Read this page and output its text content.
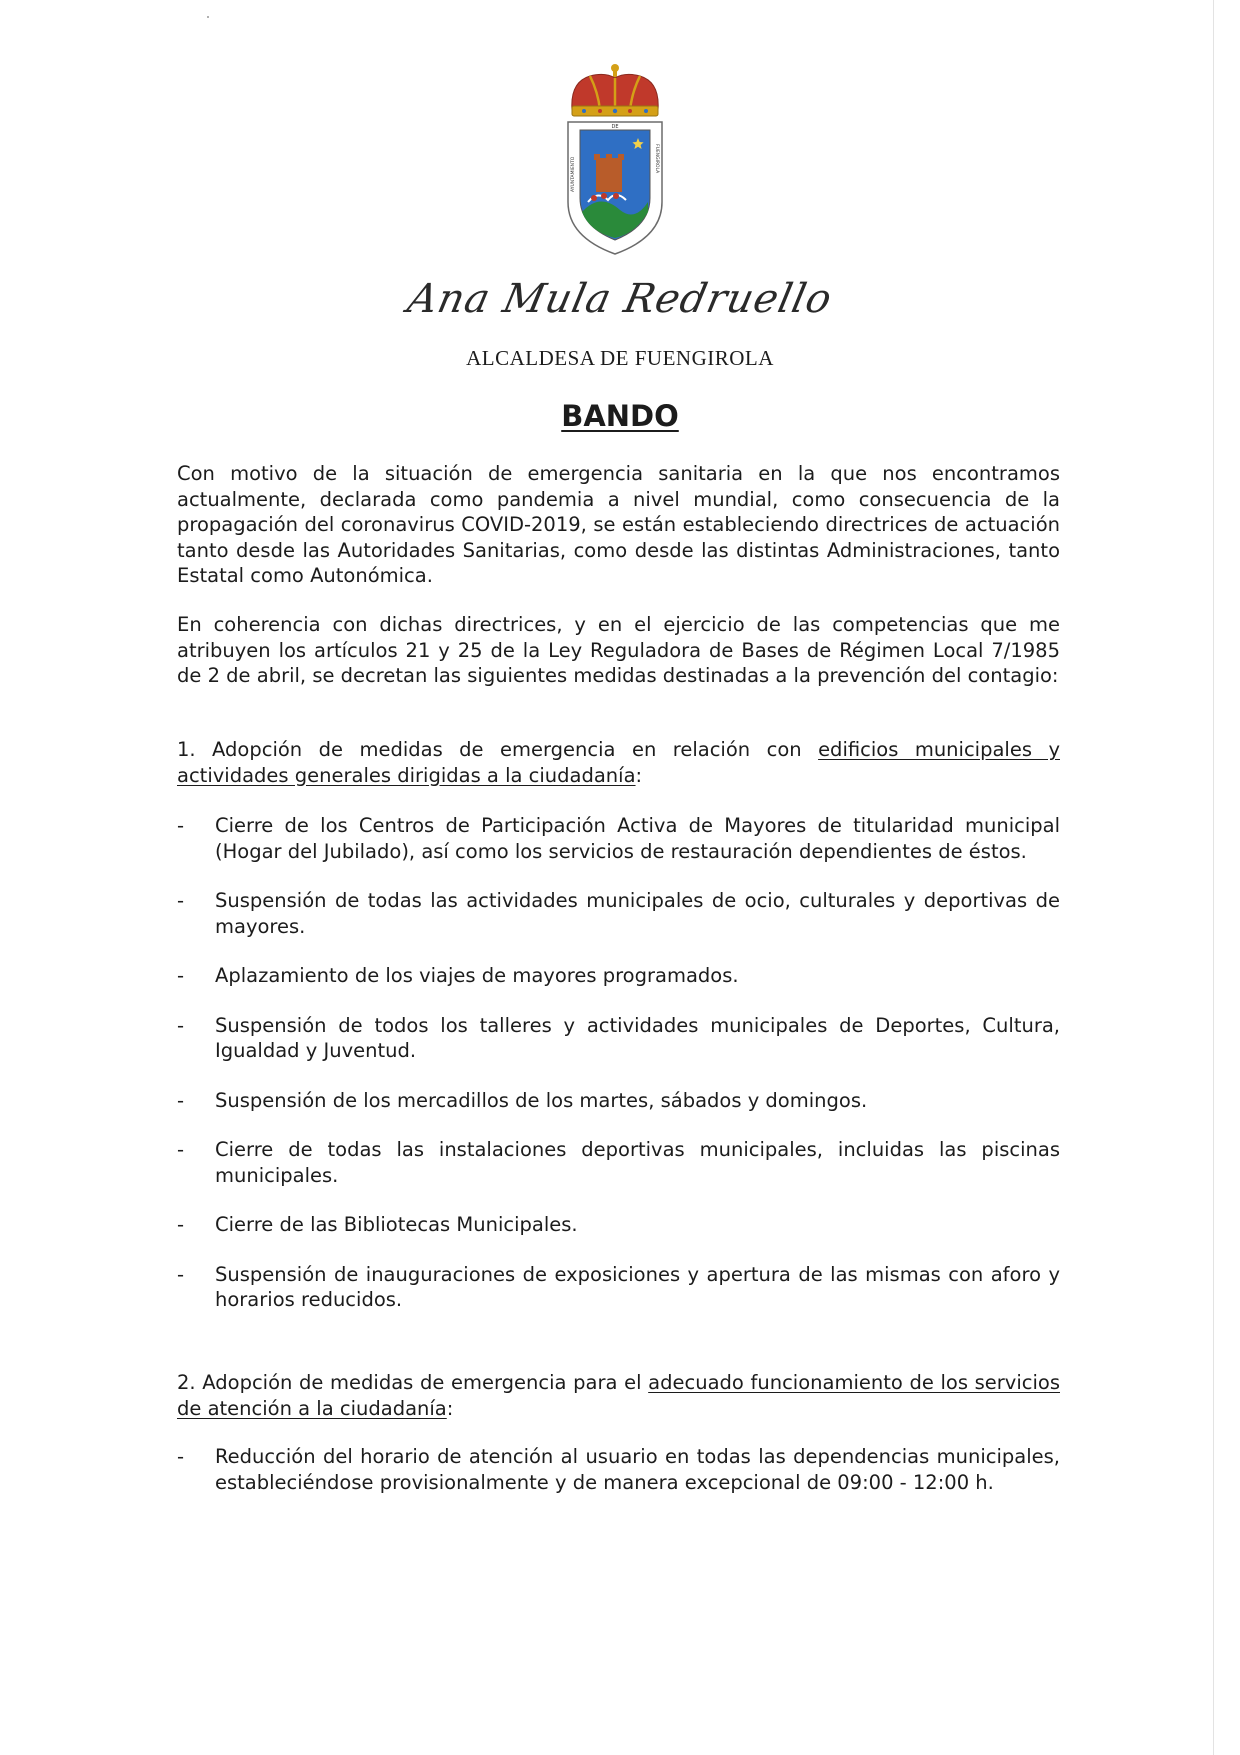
DE
AYUNTAMIENTO	FUENGIROLA
Ana Mula Redruello
ALCALDESA DE FUENGIROLA
BANDO

Con motivo de la situación de emergencia sanitaria en la que nos encontramos actualmente, declarada como pandemia a nivel mundial, como consecuencia de la propagación del coronavirus COVID-2019, se están estableciendo directrices de actuación tanto desde las Autoridades Sanitarias, como desde las distintas Administraciones, tanto Estatal como Autonómica.

En coherencia con dichas directrices, y en el ejercicio de las competencias que me atribuyen los artículos 21 y 25 de la Ley Reguladora de Bases de Régimen Local 7/1985 de 2 de abril, se decretan las siguientes medidas destinadas a la prevención del contagio:

1. Adopción de medidas de emergencia en relación con edificios municipales y actividades generales dirigidas a la ciudadanía:

- Cierre de los Centros de Participación Activa de Mayores de titularidad municipal (Hogar del Jubilado), así como los servicios de restauración dependientes de éstos.
- Suspensión de todas las actividades municipales de ocio, culturales y deportivas de mayores.
- Aplazamiento de los viajes de mayores programados.
- Suspensión de todos los talleres y actividades municipales de Deportes, Cultura, Igualdad y Juventud.
- Suspensión de los mercadillos de los martes, sábados y domingos.
- Cierre de todas las instalaciones deportivas municipales, incluidas las piscinas municipales.
- Cierre de las Bibliotecas Municipales.
- Suspensión de inauguraciones de exposiciones y apertura de las mismas con aforo y horarios reducidos.

2. Adopción de medidas de emergencia para el adecuado funcionamiento de los servicios de atención a la ciudadanía:

- Reducción del horario de atención al usuario en todas las dependencias municipales, estableciéndose provisionalmente y de manera excepcional de 09:00 - 12:00 h.
